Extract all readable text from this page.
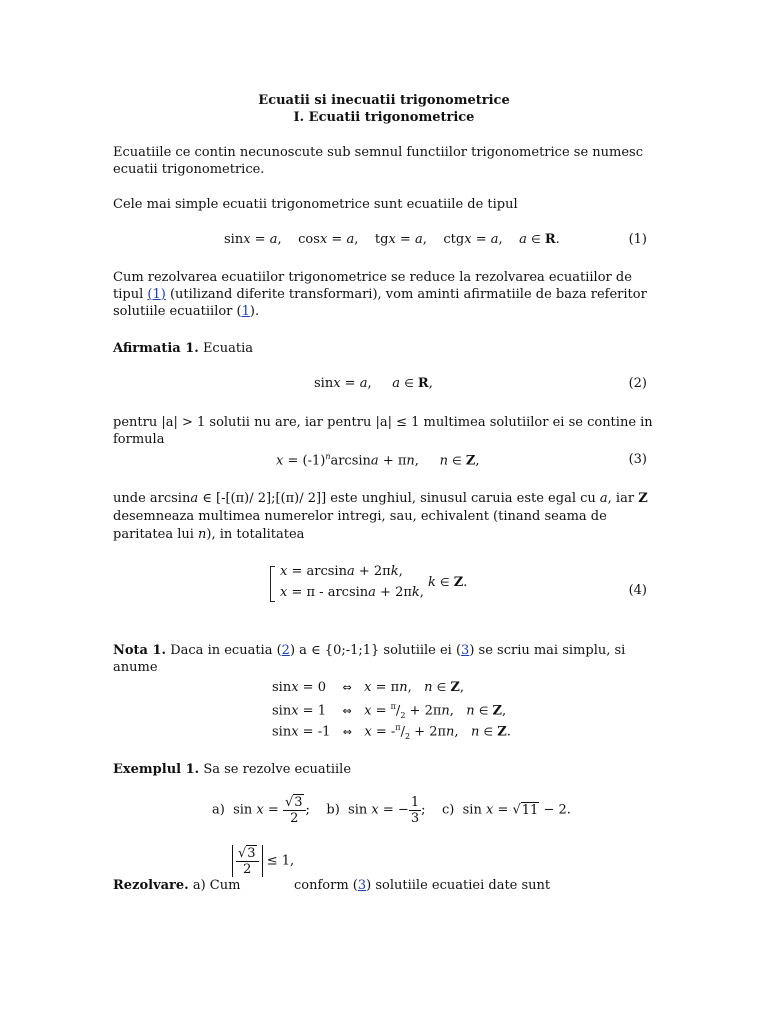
Ecuatii si inecuatii trigonometrice
I. Ecuatii trigonometrice
Ecuatiile ce contin necunoscute sub semnul functiilor trigonometrice se numesc ecuatii trigonometrice.
Cele mai simple ecuatii trigonometrice sunt ecuatiile de tipul
sinx = a,    cosx = a,    tgx = a,    ctgx = a,    a ∈ R.	(1)
Cum rezolvarea ecuatiilor trigonometrice se reduce la rezolvarea ecuatiilor de tipul (1) (utilizand diferite transformari), vom aminti afirmatiile de baza referitor solutiile ecuatiilor (1).
Afirmatia 1. Ecuatia
sinx = a,     a ∈ R,	(2)
pentru |a| > 1 solutii nu are, iar pentru |a| ≤ 1 multimea solutiilor ei se contine in formula
$x = (-1)^n\arcsin a + \pi n$,     n ∈ Z,	(3)
unde arcsina ∈ [-[(π)/ 2];[(π)/ 2]] este unghiul, sinusul caruia este egal cu a, iar Z desemneaza multimea numerelor intregi, sau, echivalent (tinand seama de paritatea lui n), in totalitatea
x = arcsina + 2πk,
x = π - arcsina + 2πk,
k ∈ Z.
(4)
Nota 1. Daca in ecuatia (2) a ∈ {0;-1;1} solutiile ei (3) se scriu mai simplu, si anume
sinx = 0    ⇔ x = πn,   n ∈ Z,
sinx = 1    ⇔ $x = ^\pi/_2 + 2\pi n$,   n ∈ Z,
sinx = -1   ⇔ $x = -^\pi/_2 + 2\pi n$,   n ∈ Z.
Exemplul 1. Sa se rezolve ecuatiile
a)  $\sin x = \frac{√3}{2}$ ;    b)  sin x = − $\frac{1}{3}$ ;    c)  sin x = √11 − 2.
$\frac{√3}{2} \le 1$,
Rezolvare. a) Cum	conform (3) solutiile ecuatiei date sunt
